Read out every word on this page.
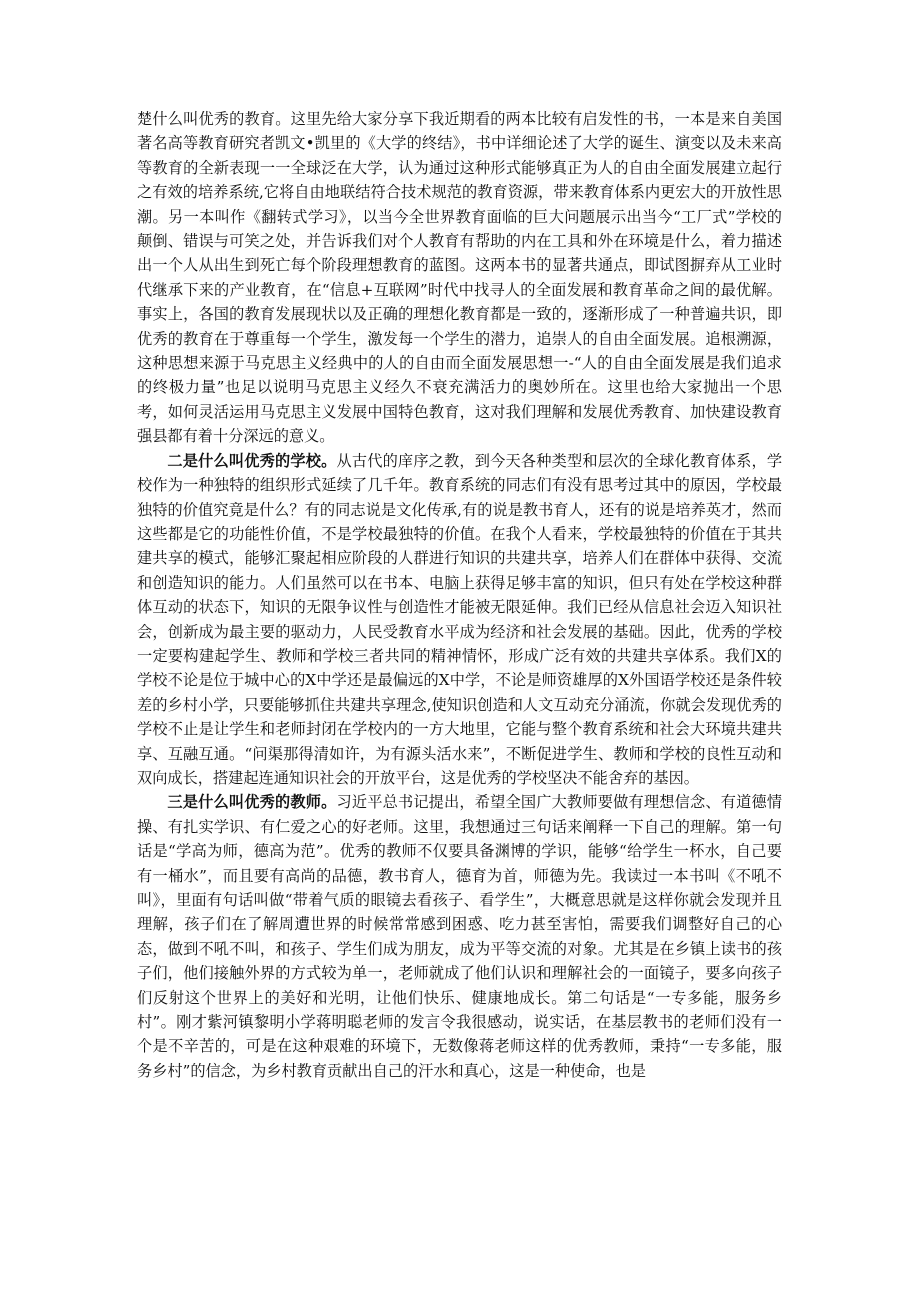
楚什么叫优秀的教育。这里先给大家分享下我近期看的两本比较有启发性的书，一本是来自美国著名高等教育研究者凯文•凯里的《大学的终结》，书中详细论述了大学的诞生、演变以及未来高等教育的全新表现一一全球泛在大学，认为通过这种形式能够真正为人的自由全面发展建立起行之有效的培养系统,它将自由地联结符合技术规范的教育资源，带来教育体系内更宏大的开放性思潮。另一本叫作《翻转式学习》，以当今全世界教育面临的巨大问题展示出当今“工厂式”学校的颠倒、错误与可笑之处，并告诉我们对个人教育有帮助的内在工具和外在环境是什么，着力描述出一个人从出生到死亡每个阶段理想教育的蓝图。这两本书的显著共通点，即试图摒弃从工业时代继承下来的产业教育，在“信息+互联网”时代中找寻人的全面发展和教育革命之间的最优解。事实上，各国的教育发展现状以及正确的理想化教育都是一致的，逐渐形成了一种普遍共识，即优秀的教育在于尊重每一个学生，激发每一个学生的潜力，追崇人的自由全面发展。追根溯源，这种思想来源于马克思主义经典中的人的自由而全面发展思想一-“人的自由全面发展是我们追求的终极力量”也足以说明马克思主义经久不衰充满活力的奥妙所在。这里也给大家抛出一个思考，如何灵活运用马克思主义发展中国特色教育，这对我们理解和发展优秀教育、加快建设教育强县都有着十分深远的意义。

二是什么叫优秀的学校。从古代的庠序之教，到今天各种类型和层次的全球化教育体系，学校作为一种独特的组织形式延续了几千年。教育系统的同志们有没有思考过其中的原因，学校最独特的价值究竟是什么？有的同志说是文化传承,有的说是教书育人，还有的说是培养英才，然而这些都是它的功能性价值，不是学校最独特的价值。在我个人看来，学校最独特的价值在于其共建共享的模式，能够汇聚起相应阶段的人群进行知识的共建共享，培养人们在群体中获得、交流和创造知识的能力。人们虽然可以在书本、电脑上获得足够丰富的知识，但只有处在学校这种群体互动的状态下，知识的无限争议性与创造性才能被无限延伸。我们已经从信息社会迈入知识社会，创新成为最主要的驱动力，人民受教育水平成为经济和社会发展的基础。因此，优秀的学校一定要构建起学生、教师和学校三者共同的精神情怀，形成广泛有效的共建共享体系。我们X的学校不论是位于城中心的X中学还是最偏远的X中学，不论是师资雄厚的X外国语学校还是条件较差的乡村小学，只要能够抓住共建共享理念,使知识创造和人文互动充分涌流，你就会发现优秀的学校不止是让学生和老师封闭在学校内的一方大地里，它能与整个教育系统和社会大环境共建共享、互融互通。“问渠那得清如许，为有源头活水来”，不断促进学生、教师和学校的良性互动和双向成长，搭建起连通知识社会的开放平台，这是优秀的学校坚决不能舍弃的基因。

三是什么叫优秀的教师。习近平总书记提出，希望全国广大教师要做有理想信念、有道德情操、有扎实学识、有仁爱之心的好老师。这里，我想通过三句话来阐释一下自己的理解。第一句话是“学高为师，德高为范”。优秀的教师不仅要具备渊博的学识，能够“给学生一杯水，自己要有一桶水”，而且要有高尚的品德，教书育人，德育为首，师德为先。我读过一本书叫《不吼不叫》，里面有句话叫做“带着气质的眼镜去看孩子、看学生”，大概意思就是这样你就会发现并且理解，孩子们在了解周遭世界的时候常常感到困惑、吃力甚至害怕，需要我们调整好自己的心态，做到不吼不叫，和孩子、学生们成为朋友，成为平等交流的对象。尤其是在乡镇上读书的孩子们，他们接触外界的方式较为单一，老师就成了他们认识和理解社会的一面镜子，要多向孩子们反射这个世界上的美好和光明，让他们快乐、健康地成长。第二句话是“一专多能，服务乡村”。刚才紫河镇黎明小学蒋明聪老师的发言令我很感动，说实话，在基层教书的老师们没有一个是不辛苦的，可是在这种艰难的环境下，无数像蒋老师这样的优秀教师，秉持“一专多能，服务乡村”的信念，为乡村教育贡献出自己的汗水和真心，这是一种使命，也是
